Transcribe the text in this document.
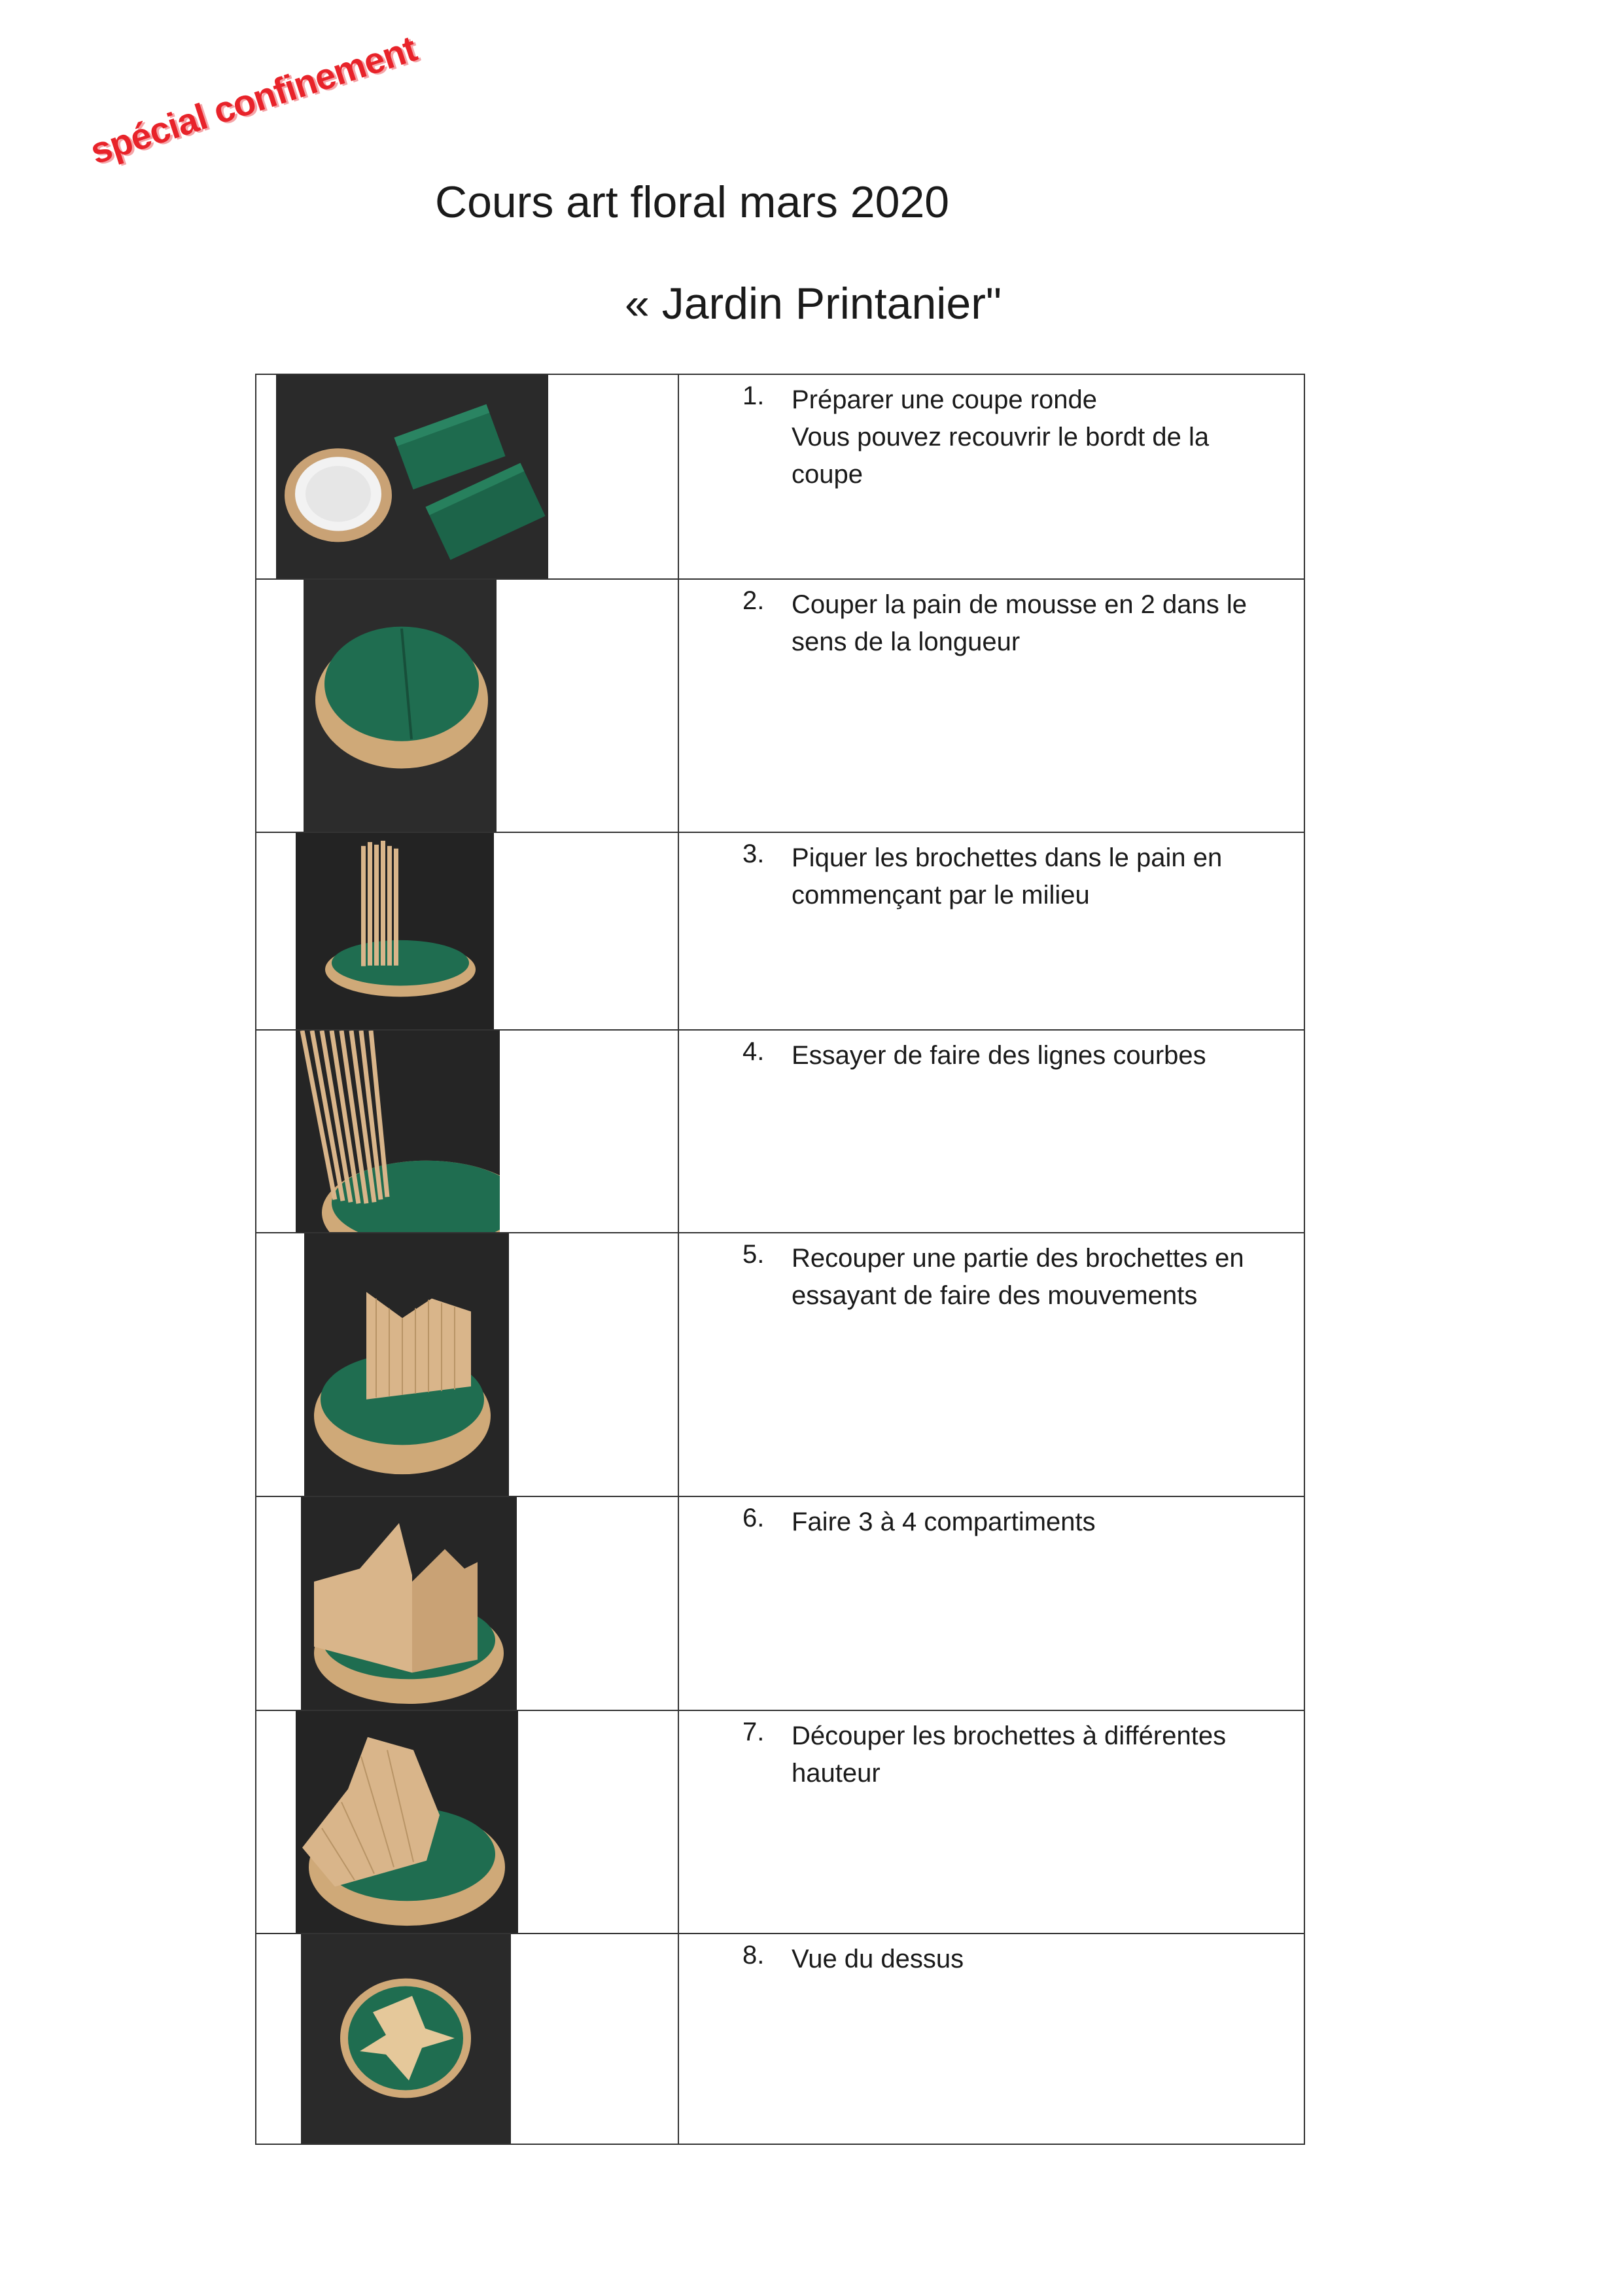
spécial confinement
Cours art floral mars 2020
« Jardin Printanier"

1. Préparer une coupe ronde
Vous pouvez recouvrir le bordt de la coupe

2. Couper la pain de mousse en 2 dans le sens de la longueur

3. Piquer les brochettes dans le pain en commençant par le milieu

4. Essayer de faire des lignes courbes

5. Recouper une partie des brochettes en essayant de faire des mouvements

6. Faire 3 à 4 compartiments

7. Découper les brochettes à différentes hauteur

8. Vue du dessus
